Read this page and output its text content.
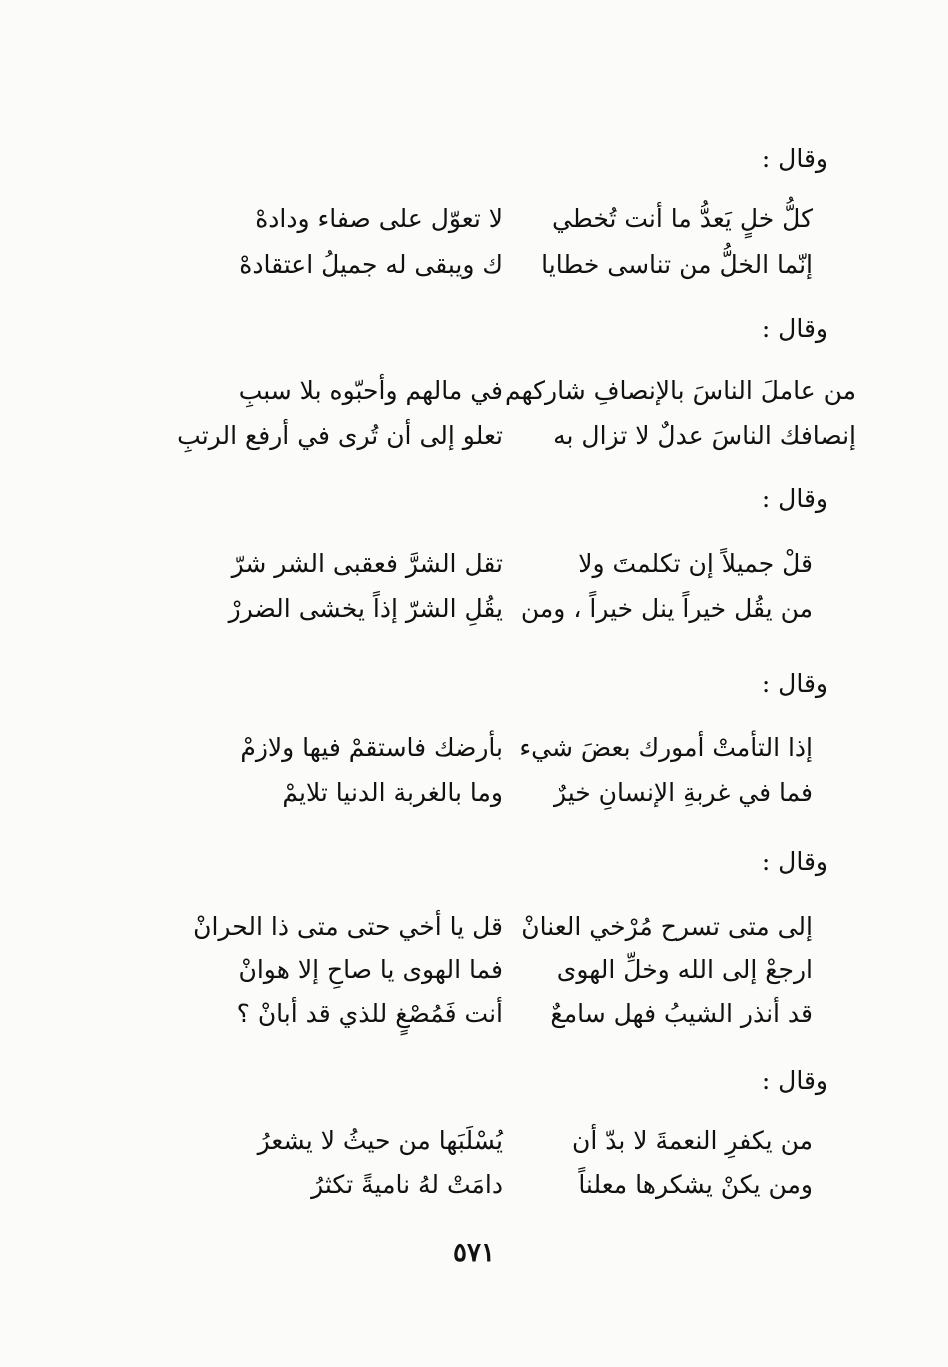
وقال :
كلُّ خلٍ يَعدُّ ما أنت تُخطي
لا تعوّل على صفاء ودادهْ
إنّما الخلُّ من تناسى خطايا
ك ويبقى له جميلُ اعتقادهْ
وقال :
من عاملَ الناسَ بالإنصافِ شاركهم
في مالهم وأحبّوه بلا سببِ
إنصافك الناسَ عدلٌ لا تزال به
تعلو إلى أن تُرى في أرفع الرتبِ
وقال :
قلْ جميلاً إن تكلمتَ ولا
تقل الشرَّ فعقبى الشر شرّ
من يقُل خيراً ينل خيراً ، ومن
يقُلِ الشرّ إذاً يخشى الضررْ
وقال :
إذا التأمتْ أمورك بعضَ شيء
بأرضك فاستقمْ فيها ولازمْ
فما في غربةِ الإنسانِ خيرٌ
وما بالغربة الدنيا تلايمْ
وقال :
إلى متى تسرح مُرْخي العنانْ
قل يا أخي حتى متى ذا الحرانْ
ارجعْ إلى الله وخلِّ الهوى
فما الهوى يا صاحِ إلا هوانْ
قد أنذر الشيبُ فهل سامعٌ
أنت فَمُصْغٍ للذي قد أبانْ ؟
وقال :
من يكفرِ النعمةَ لا بدّ أن
يُسْلَبَها من حيثُ لا يشعرُ
ومن يكنْ يشكرها معلناً
دامَتْ لهُ ناميةً تكثرُ
٥٧١
